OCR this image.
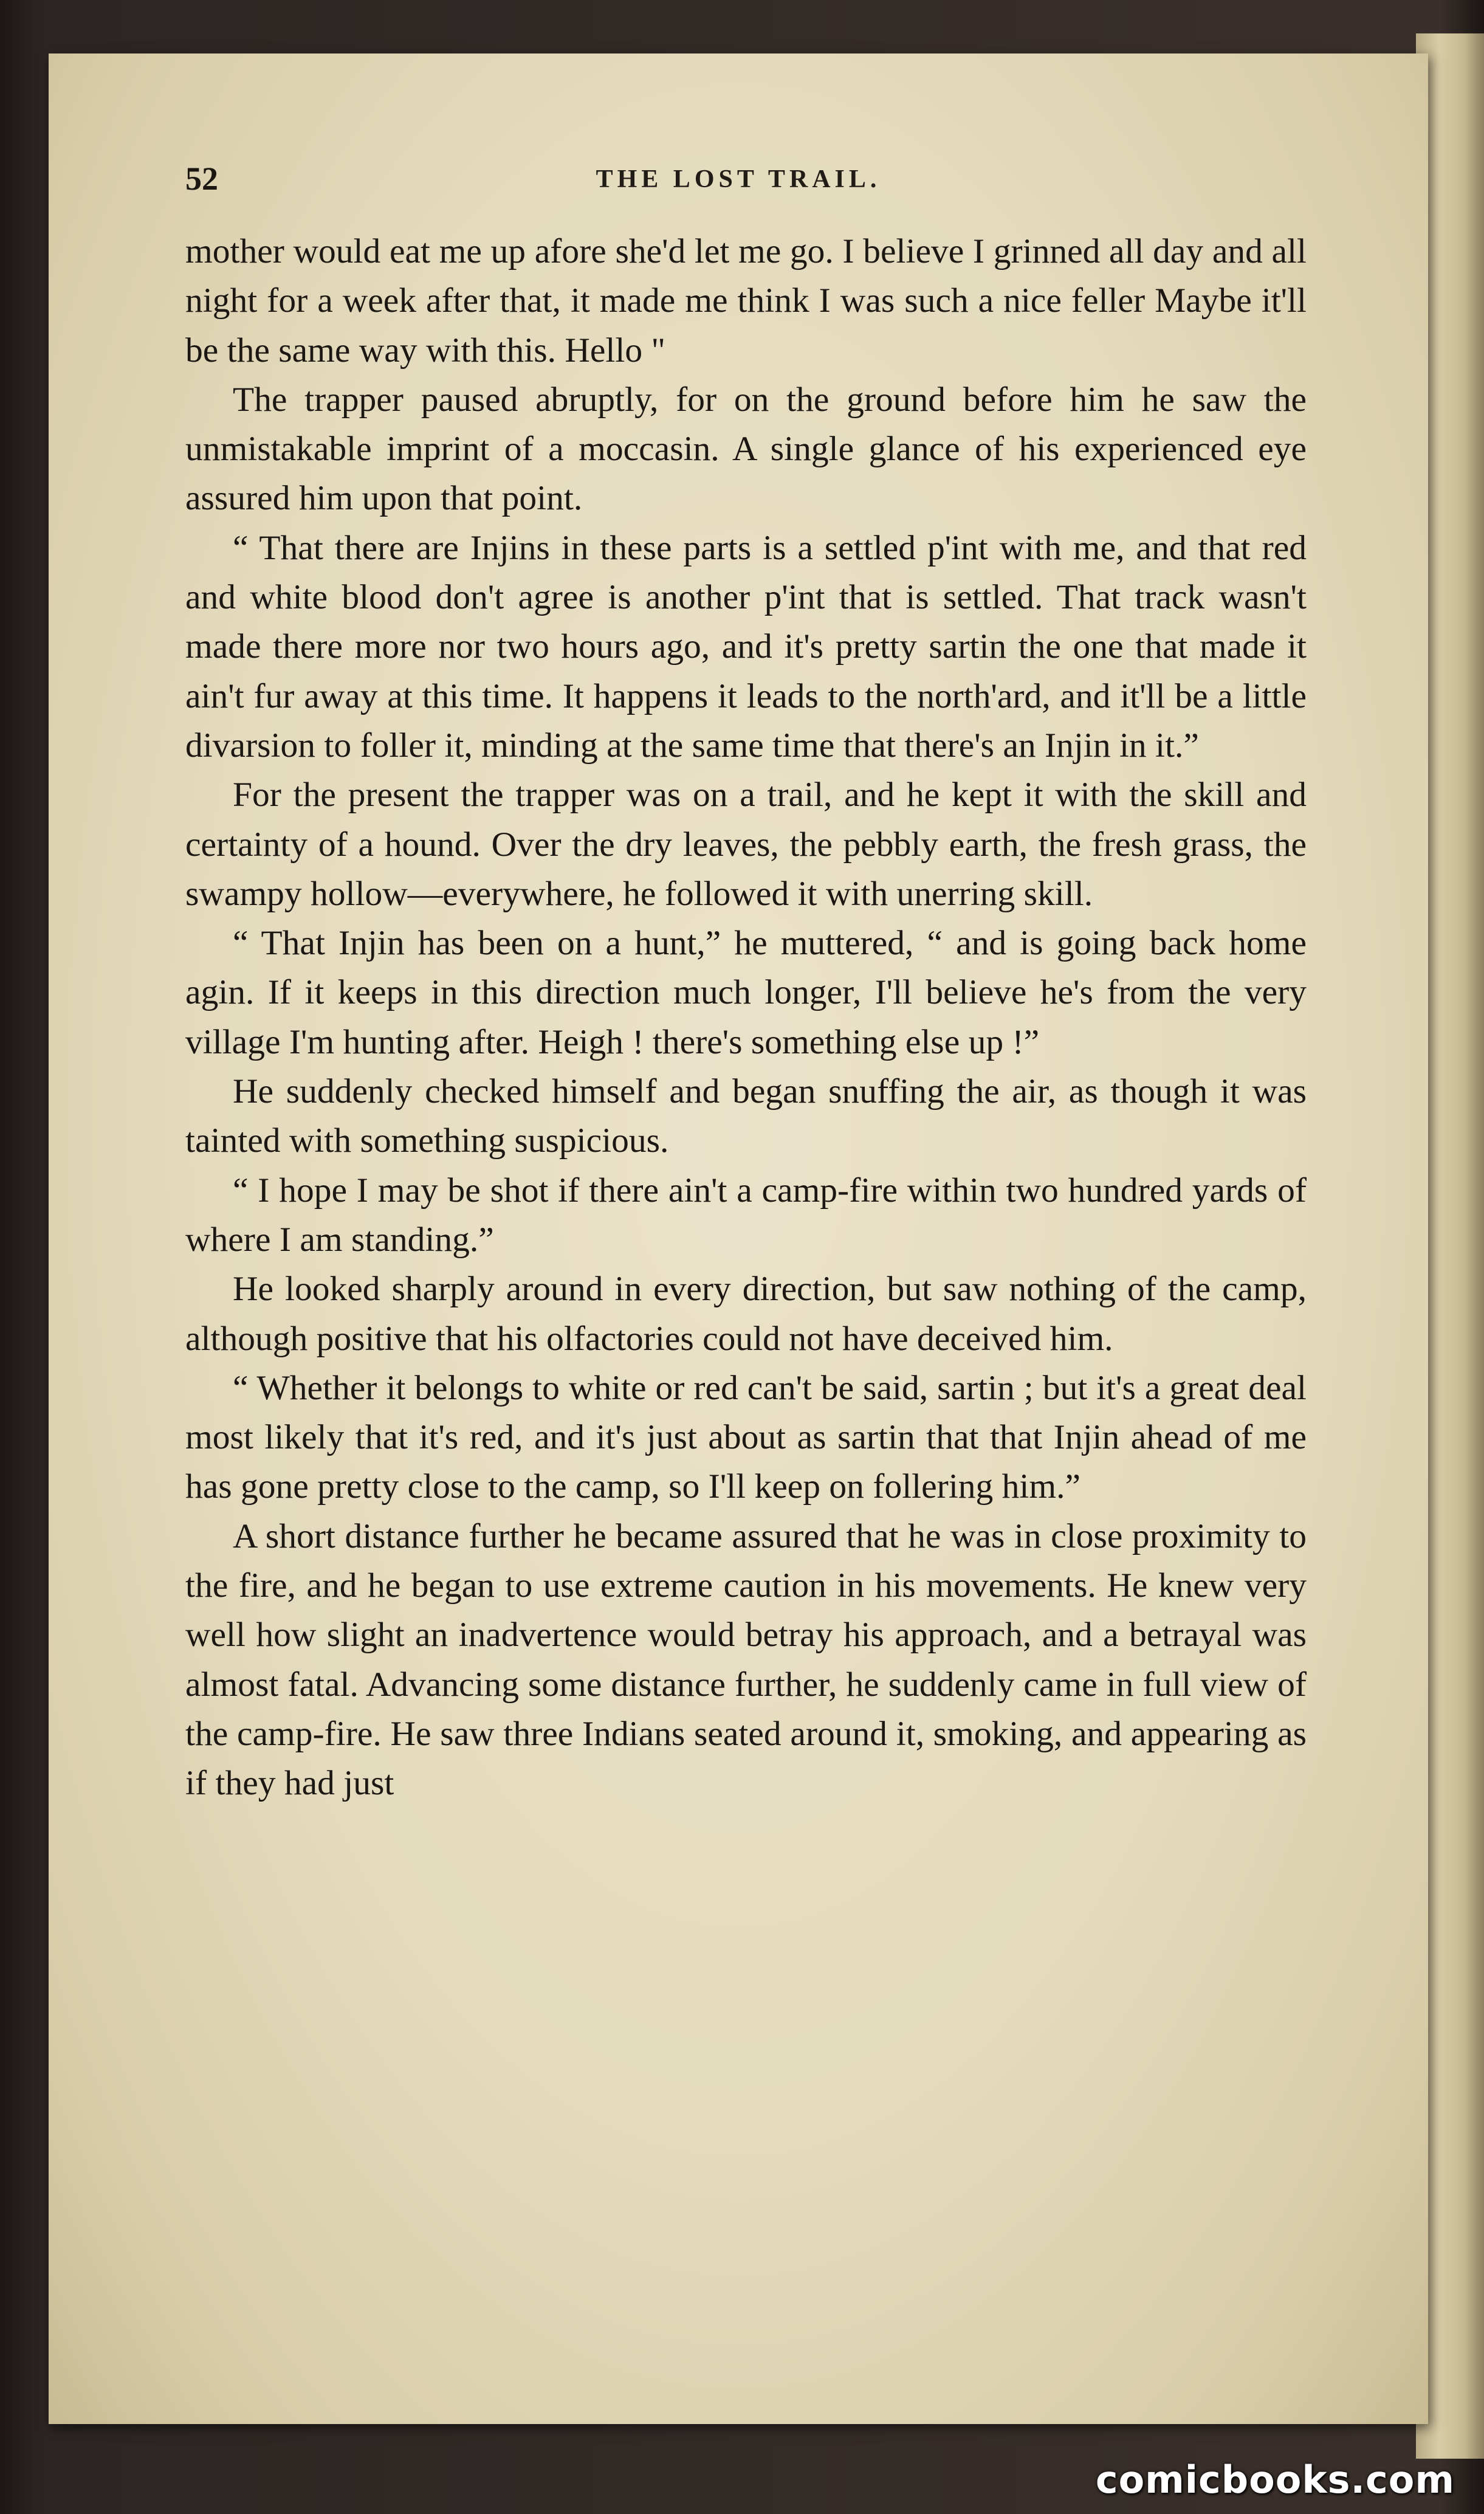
52	THE LOST TRAIL.

mother would eat me up afore she'd let me go. I believe I grinned all day and all night for a week after that, it made me think I was such a nice feller Maybe it'll be the same way with this. Hello "

The trapper paused abruptly, for on the ground before him he saw the unmistakable imprint of a moccasin. A single glance of his experienced eye assured him upon that point.

“ That there are Injins in these parts is a settled p'int with me, and that red and white blood don't agree is another p'int that is settled. That track wasn't made there more nor two hours ago, and it's pretty sartin the one that made it ain't fur away at this time. It happens it leads to the north'ard, and it'll be a little divarsion to foller it, minding at the same time that there's an Injin in it.”

For the present the trapper was on a trail, and he kept it with the skill and certainty of a hound. Over the dry leaves, the pebbly earth, the fresh grass, the swampy hollow—everywhere, he followed it with unerring skill.

“ That Injin has been on a hunt,” he muttered, “ and is going back home agin. If it keeps in this direction much longer, I'll believe he's from the very village I'm hunting after. Heigh ! there's something else up !”

He suddenly checked himself and began snuffing the air, as though it was tainted with something suspicious.

“ I hope I may be shot if there ain't a camp-fire within two hundred yards of where I am standing.”

He looked sharply around in every direction, but saw nothing of the camp, although positive that his olfactories could not have deceived him.

“ Whether it belongs to white or red can't be said, sartin ; but it's a great deal most likely that it's red, and it's just about as sartin that that Injin ahead of me has gone pretty close to the camp, so I'll keep on follering him.”

A short distance further he became assured that he was in close proximity to the fire, and he began to use extreme caution in his movements. He knew very well how slight an inadvertence would betray his approach, and a betrayal was almost fatal. Advancing some distance further, he suddenly came in full view of the camp-fire. He saw three Indians seated around it, smoking, and appearing as if they had just

comicbooks.com
